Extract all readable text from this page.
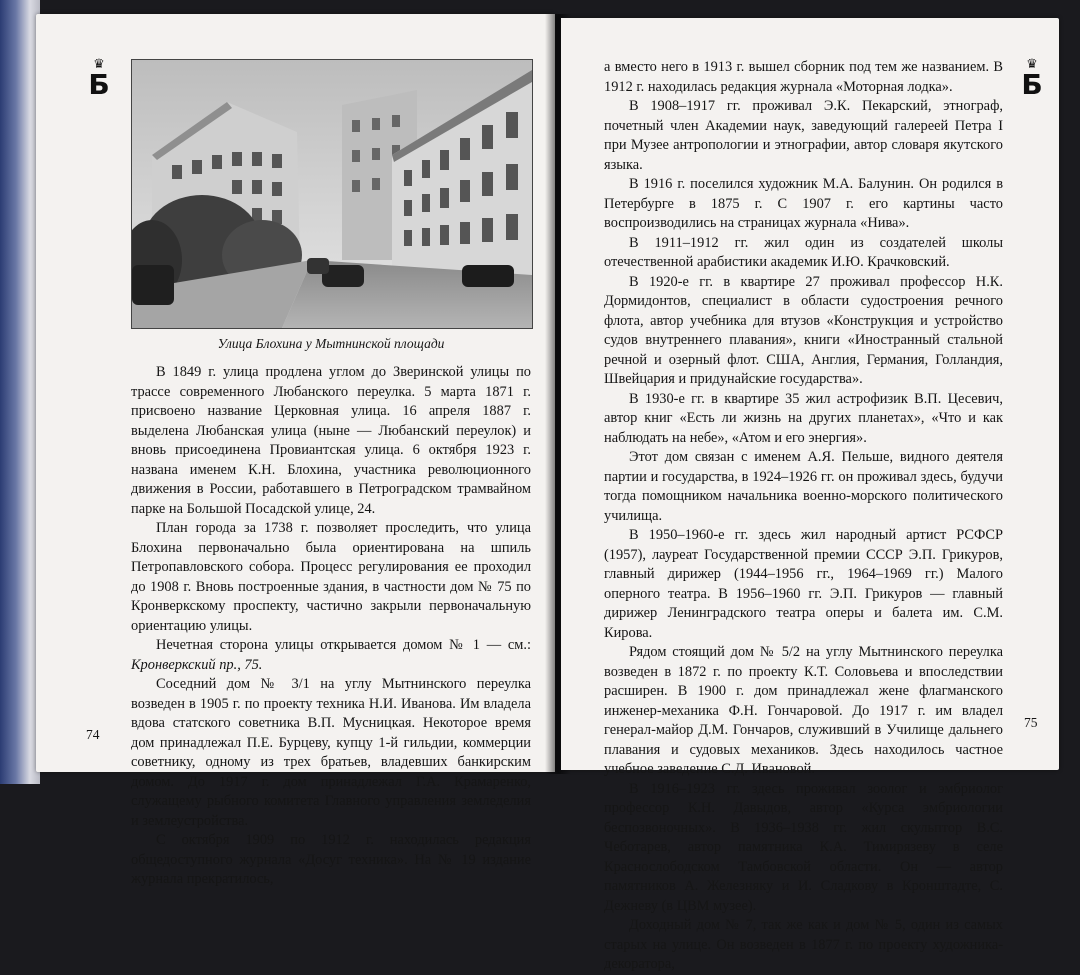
♛
Б
Улица Блохина у Мытнинской площади

В 1849 г. улица продлена углом до Зверинской улицы по трассе современного Любанского переулка. 5 марта 1871 г. присвоено название Церковная улица. 16 апреля 1887 г. выделена Любанская улица (ныне — Любанский переулок) и вновь присоединена Провиантская улица. 6 октября 1923 г. названа именем К.Н. Блохина, участника революционного движения в России, работавшего в Петроградском трамвайном парке на Большой Посадской улице, 24.

План города за 1738 г. позволяет проследить, что улица Блохина первоначально была ориентирована на шпиль Петропавловского собора. Процесс регулирования ее проходил до 1908 г. Вновь построенные здания, в частности дом № 75 по Кронверкскому проспекту, частично закрыли первоначальную ориентацию улицы.

Нечетная сторона улицы открывается домом № 1 — см.: Кронверкский пр., 75.

Соседний дом № 3/1 на углу Мытнинского переулка возведен в 1905 г. по проекту техника Н.И. Иванова. Им владела вдова статского советника В.П. Мусницкая. Некоторое время дом принадлежал П.Е. Бурцеву, купцу 1-й гильдии, коммерции советнику, одному из трех братьев, владевших банкирским домом. До 1917 г. дом принадлежал Г.А. Крамаренко, служащему рыбного комитета Главного управления земледелия и землеустройства.

С октября 1909 по 1912 г. находилась редакция общедоступного журнала «Досуг техника». На № 19 издание журнала прекратилось,

74
♛
Б

а вместо него в 1913 г. вышел сборник под тем же названием. В 1912 г. находилась редакция журнала «Моторная лодка».

В 1908–1917 гг. проживал Э.К. Пекарский, этнограф, почетный член Академии наук, заведующий галереей Петра I при Музее антропологии и этнографии, автор словаря якутского языка.

В 1916 г. поселился художник М.А. Балунин. Он родился в Петербурге в 1875 г. С 1907 г. его картины часто воспроизводились на страницах журнала «Нива».

В 1911–1912 гг. жил один из создателей школы отечественной арабистики академик И.Ю. Крачковский.

В 1920-е гг. в квартире 27 проживал профессор Н.К. Дормидонтов, специалист в области судостроения речного флота, автор учебника для втузов «Конструкция и устройство судов внутреннего плавания», книги «Иностранный стальной речной и озерный флот. США, Англия, Германия, Голландия, Швейцария и придунайские государства».

В 1930-е гг. в квартире 35 жил астрофизик В.П. Цесевич, автор книг «Есть ли жизнь на других планетах», «Что и как наблюдать на небе», «Атом и его энергия».

Этот дом связан с именем А.Я. Пельше, видного деятеля партии и государства, в 1924–1926 гг. он проживал здесь, будучи тогда помощником начальника военно-морского политического училища.

В 1950–1960-е гг. здесь жил народный артист РСФСР (1957), лауреат Государственной премии СССР Э.П. Грикуров, главный дирижер (1944–1956 гг., 1964–1969 гг.) Малого оперного театра. В 1956–1960 гг. Э.П. Грикуров — главный дирижер Ленинградского театра оперы и балета им. С.М. Кирова.

Рядом стоящий дом № 5/2 на углу Мытнинского переулка возведен в 1872 г. по проекту К.Т. Соловьева и впоследствии расширен. В 1900 г. дом принадлежал жене флагманского инженер-механика Ф.Н. Гончаровой. До 1917 г. им владел генерал-майор Д.М. Гончаров, служивший в Училище дальнего плавания и судовых механиков. Здесь находилось частное учебное заведение С.Д. Ивановой.

В 1916–1923 гг. здесь проживал зоолог и эмбриолог профессор К.Н. Давыдов, автор «Курса эмбриологии беспозвоночных». В 1936–1938 гг. жил скульптор В.С. Чеботарев, автор памятника К.А. Тимирязеву в селе Краснослободском Тамбовской области. Он — автор памятников А. Железняку и И. Сладкову в Кронштадте, С. Дежневу (в ЦВМ музее).

Доходный дом № 7, так же как и дом № 5, один из самых старых на улице. Он возведен в 1877 г. по проекту художника-декоратора,

75
